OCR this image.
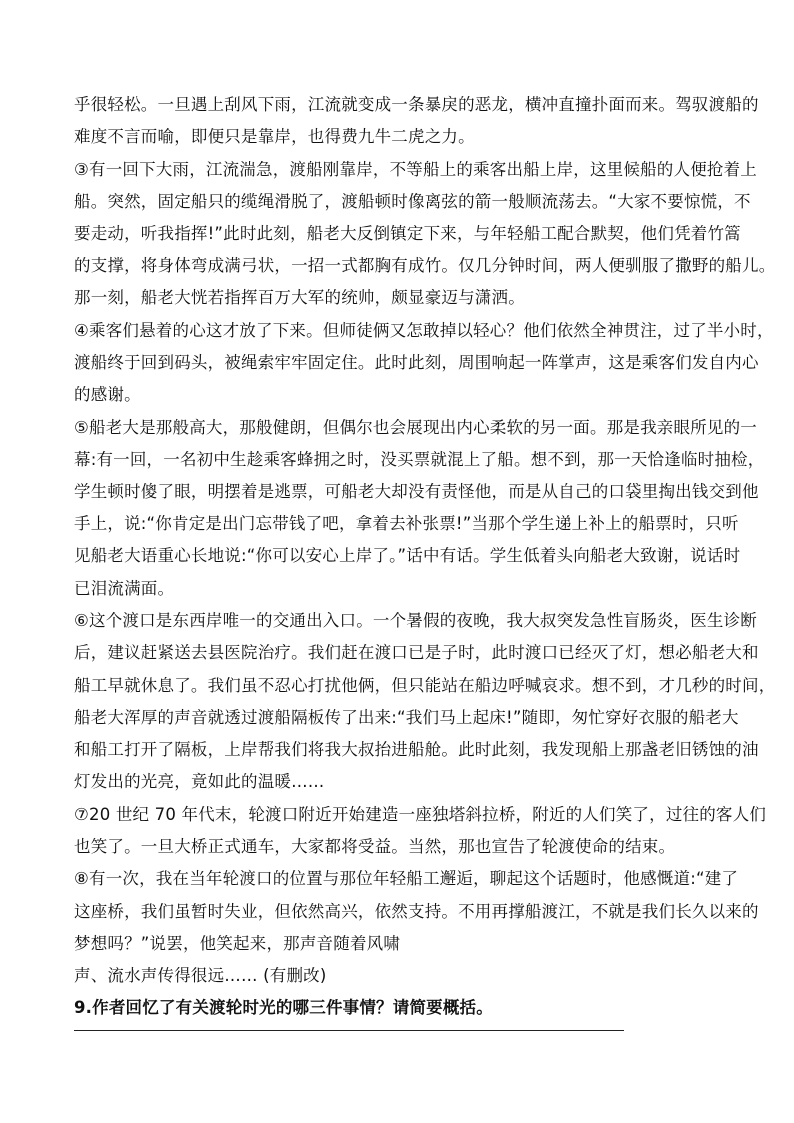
乎很轻松。一旦遇上刮风下雨，江流就变成一条暴戾的恶龙，横冲直撞扑面而来。驾驭渡船的
难度不言而喻，即便只是靠岸，也得费九牛二虎之力。
③有一回下大雨，江流湍急，渡船刚靠岸，不等船上的乘客出船上岸，这里候船的人便抢着上
船。突然，固定船只的缆绳滑脱了，渡船顿时像离弦的箭一般顺流荡去。“大家不要惊慌，不
要走动，听我指挥!”此时此刻，船老大反倒镇定下来，与年轻船工配合默契，他们凭着竹篙
的支撑，将身体弯成满弓状，一招一式都胸有成竹。仅几分钟时间，两人便驯服了撒野的船儿。
那一刻，船老大恍若指挥百万大军的统帅，颇显豪迈与潇洒。
④乘客们悬着的心这才放了下来。但师徒俩又怎敢掉以轻心？他们依然全神贯注，过了半小时，
渡船终于回到码头，被绳索牢牢固定住。此时此刻，周围响起一阵掌声，这是乘客们发自内心
的感谢。
⑤船老大是那般高大，那般健朗，但偶尔也会展现出内心柔软的另一面。那是我亲眼所见的一
幕:有一回，一名初中生趁乘客蜂拥之时，没买票就混上了船。想不到，那一天恰逢临时抽检，
学生顿时傻了眼，明摆着是逃票，可船老大却没有责怪他，而是从自己的口袋里掏出钱交到他
手上，说:“你肯定是出门忘带钱了吧，拿着去补张票!”当那个学生递上补上的船票时，只听
见船老大语重心长地说:“你可以安心上岸了。”话中有话。学生低着头向船老大致谢，说话时
已泪流满面。
⑥这个渡口是东西岸唯一的交通出入口。一个暑假的夜晚，我大叔突发急性盲肠炎，医生诊断
后，建议赶紧送去县医院治疗。我们赶在渡口已是子时，此时渡口已经灭了灯，想必船老大和
船工早就休息了。我们虽不忍心打扰他俩，但只能站在船边呼喊哀求。想不到，才几秒的时间，
船老大浑厚的声音就透过渡船隔板传了出来:“我们马上起床!”随即，匆忙穿好衣服的船老大
和船工打开了隔板，上岸帮我们将我大叔抬进船舱。此时此刻，我发现船上那盏老旧锈蚀的油
灯发出的光亮，竟如此的温暖……
⑦20 世纪 70 年代末，轮渡口附近开始建造一座独塔斜拉桥，附近的人们笑了，过往的客人们
也笑了。一旦大桥正式通车，大家都将受益。当然，那也宣告了轮渡使命的结束。
⑧有一次，我在当年轮渡口的位置与那位年轻船工邂逅，聊起这个话题时，他感慨道:“建了
这座桥，我们虽暂时失业，但依然高兴，依然支持。不用再撑船渡江，不就是我们长久以来的
梦想吗？”说罢，他笑起来，那声音随着风啸
声、流水声传得很远…… (有删改)
9.作者回忆了有关渡轮时光的哪三件事情？请简要概括。
